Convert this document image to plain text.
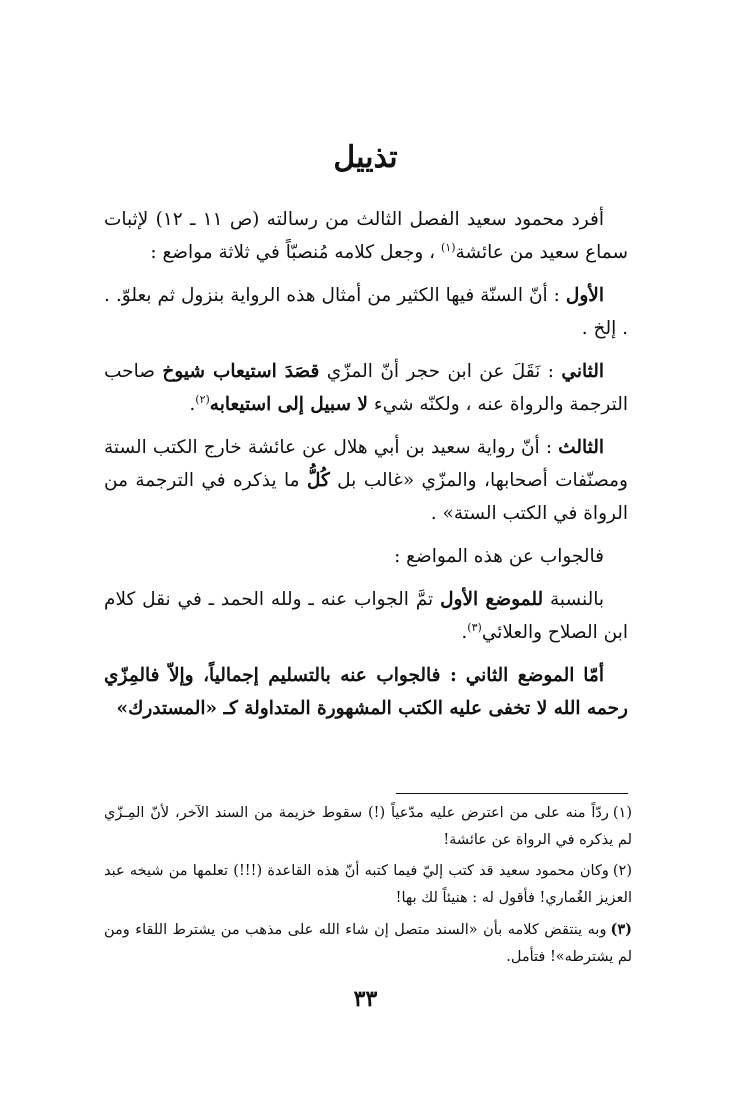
تذييل

أفرد محمود سعيد الفصل الثالث من رسالته (ص ١١ ـ ١٢) لإثبات سماع سعيد من عائشة$^{(١)}$ ، وجعل كلامه مُنصبّاً في ثلاثة مواضع :

الأول : أنّ السنّة فيها الكثير من أمثال هذه الرواية بنزول ثم بعلوّ. . . إلخ .

الثاني : نَقَلَ عن ابن حجر أنّ المزّي قصَدَ استيعاب شيوخ صاحب الترجمة والرواة عنه ، ولكنّه شيء لا سبيل إلى استيعابه$^{(٢)}$.

الثالث : أنّ رواية سعيد بن أبي هلال عن عائشة خارج الكتب الستة ومصنّفات أصحابها، والمزّي «غالب بل كُلُّ ما يذكره في الترجمة من الرواة في الكتب الستة» .

فالجواب عن هذه المواضع :

بالنسبة للموضع الأول تمَّ الجواب عنه ـ ولله الحمد ـ في نقل كلام ابن الصلاح والعلائي$^{(٣)}$.

أمّا الموضع الثاني : فالجواب عنه بالتسليم إجمالياً، وإلاّ فالمِزّي رحمه الله لا تخفى عليه الكتب المشهورة المتداولة كـ «المستدرك»

(١)ردّاً منه على من اعترض عليه مدّعياً (!) سقوط خزيمة من السند الآخر، لأنّ المِـزّي لم يذكره في الرواة عن عائشة!

(٢)وكان محمود سعيد قد كتب إليّ فيما كتبه أنّ هذه القاعدة (!!!) تعلمها من شيخه عبد العزيز الغُماري! فأقول له : هنيئاً لك بها!

(٣)وبه ينتقض كلامه بأن «السند متصل إن شاء الله على مذهب من يشترط اللقاء ومن لم يشترطه»! فتأمل.

٣٣
